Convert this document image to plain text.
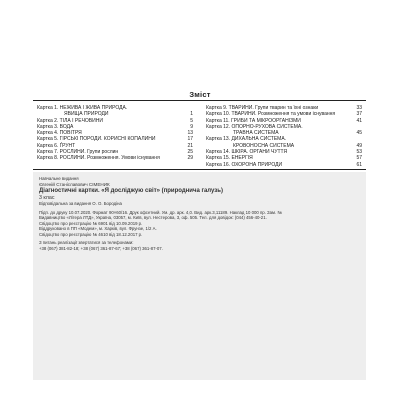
Зміст
Картка 1. НЕЖИВА І ЖИВА ПРИРОДА.
ЯВИЩА ПРИРОДИ	1
Картка 2. ТІЛА І РЕЧОВИНИ	5
Картка 3. ВОДА	9
Картка 4. ПОВІТРЯ	13
Картка 5. ГІРСЬКІ ПОРОДИ. КОРИСНІ КОПАЛИНИ	17
Картка 6. ҐРУНТ	21
Картка 7. РОСЛИНИ. Групи рослин	25
Картка 8. РОСЛИНИ. Розмноження. Умови існування	29
Картка 9. ТВАРИНИ. Групи тварин та їхні ознаки	33
Картка 10. ТВАРИНИ. Розмноження та умови існування	37
Картка 11. ГРИБИ ТА МІКРООРГАНІЗМИ	41
Картка 12. ОПОРНО-РУХОВА СИСТЕМА.
ТРАВНА СИСТЕМА	45
Картка 13. ДИХАЛЬНА СИСТЕМА.
КРОВОНОСНА СИСТЕМА	49
Картка 14. ШКІРА. ОРГАНИ ЧУТТЯ	53
Картка 15. ЕНЕРГІЯ	57
Картка 16. ОХОРОНА ПРИРОДИ	61
Навчальне видання
Євгеній Станіславович СІМЕНИК
Діагностичні картки. «Я досліджую світ» (природнича галузь)
3 клас
Відповідальна за видання О. О. Бородіна
Підп. до друку 10.07.2020. Формат 90×60/16. Друк офсетний. Ум. др. арк. 4,0. Вид. арк.3,11189. Наклад 10 000 пр. Зам. №
Видавництво «Літера ЛТД», Україна, 03057, м. Київ, вул. Нестерова, 3, оф. 505. Тел. для довідок: (044) 456-40-21.
Свідоцтво про реєстрацію № 6901 від 10.09.2019 р.
Віддруковано в ПП «Модем», м. Харків, вул. Фрунзе, 1/2 А.
Свідоцтво про реєстрацію № 4610 від 18.12.2017 р.
З питань реалізації звертатися за телефонами:
+38 (067) 381-82-18; +38 (067) 361-87-67; +38 (067) 361-87-07.
